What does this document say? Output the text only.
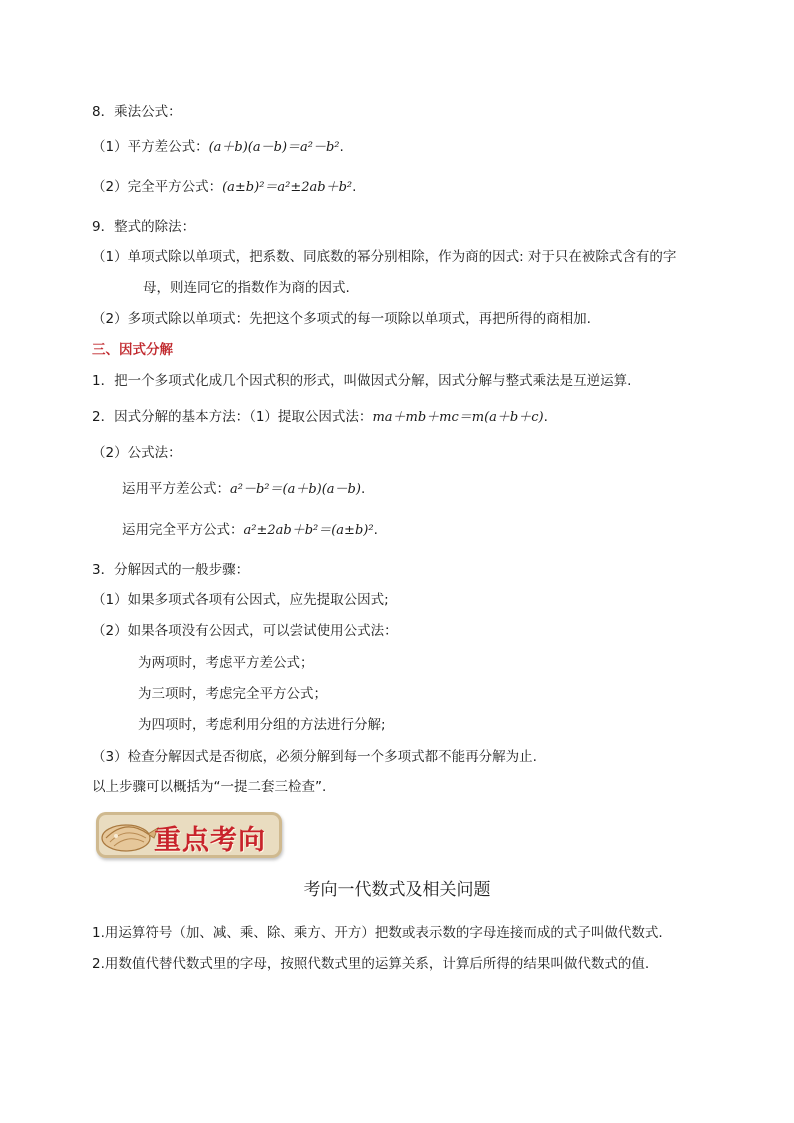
8．乘法公式：
（1）平方差公式：(a＋b)(a－b)＝a²－b².
（2）完全平方公式：(a±b)²＝a²±2ab＋b².
9．整式的除法：
（1）单项式除以单项式，把系数、同底数的幂分别相除，作为商的因式: 对于只在被除式含有的字
母，则连同它的指数作为商的因式.
（2）多项式除以单项式：先把这个多项式的每一项除以单项式，再把所得的商相加.
三、因式分解
1．把一个多项式化成几个因式积的形式，叫做因式分解，因式分解与整式乘法是互逆运算.
2．因式分解的基本方法：（1）提取公因式法：ma＋mb＋mc＝m(a＋b＋c).
（2）公式法：
运用平方差公式：a²－b²＝(a＋b)(a－b).
运用完全平方公式：a²±2ab＋b²＝(a±b)².
3．分解因式的一般步骤：
（1）如果多项式各项有公因式，应先提取公因式;
（2）如果各项没有公因式，可以尝试使用公式法：
为两项时，考虑平方差公式；
为三项时，考虑完全平方公式；
为四项时，考虑利用分组的方法进行分解;
（3）检查分解因式是否彻底，必须分解到每一个多项式都不能再分解为止.
以上步骤可以概括为“一提二套三检查”.
重点考向
考向一代数式及相关问题
1.用运算符号（加、减、乘、除、乘方、开方）把数或表示数的字母连接而成的式子叫做代数式.
2.用数值代替代数式里的字母，按照代数式里的运算关系，计算后所得的结果叫做代数式的值.
